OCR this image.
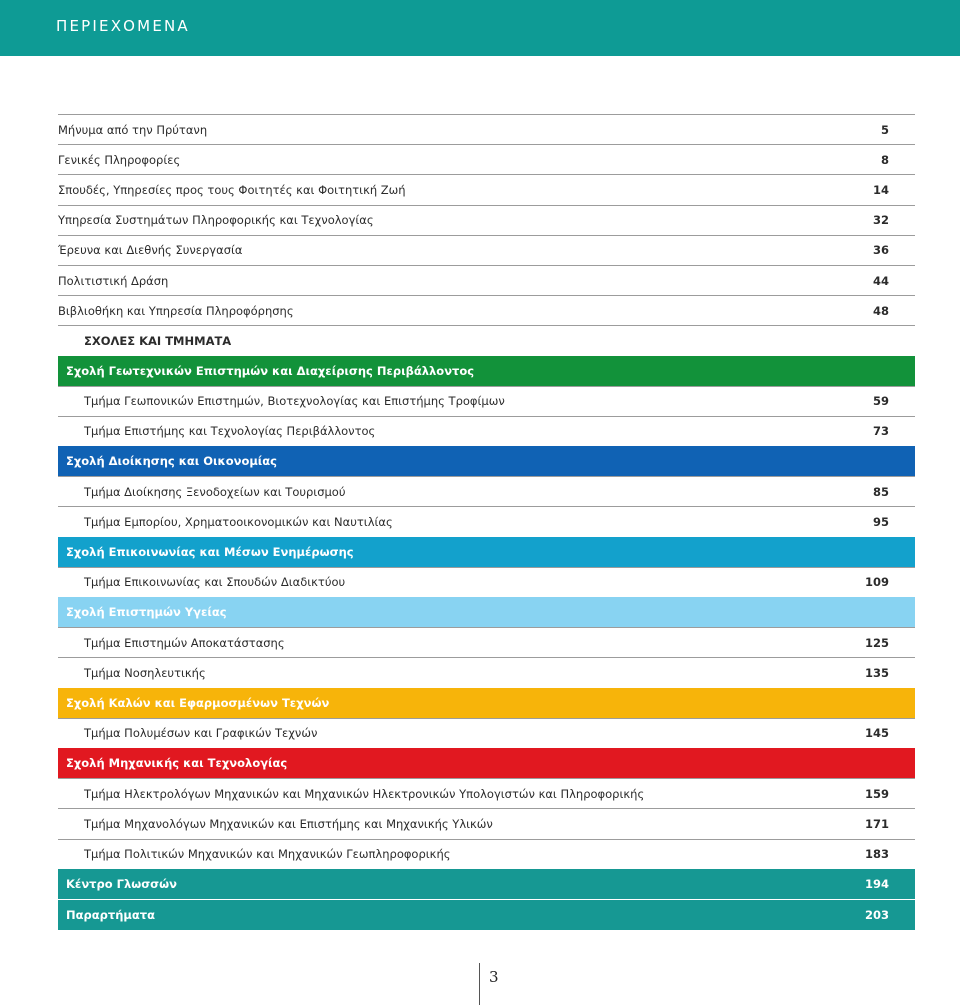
ΠΕΡΙΕΧΟΜΕΝΑ
Μήνυμα από την Πρύτανη	5
Γενικές Πληροφορίες	8
Σπουδές, Υπηρεσίες προς τους Φοιτητές και Φοιτητική Ζωή	14
Υπηρεσία Συστημάτων Πληροφορικής και Τεχνολογίας	32
Έρευνα και Διεθνής Συνεργασία	36
Πολιτιστική Δράση	44
Βιβλιοθήκη και Υπηρεσία Πληροφόρησης	48
ΣΧΟΛΕΣ ΚΑΙ ΤΜΗΜΑΤΑ
Σχολή Γεωτεχνικών Επιστημών και Διαχείρισης Περιβάλλοντος
Τμήμα Γεωπονικών Επιστημών, Βιοτεχνολογίας και Επιστήμης Τροφίμων	59
Τμήμα Επιστήμης και Τεχνολογίας Περιβάλλοντος	73
Σχολή Διοίκησης και Οικονομίας
Τμήμα Διοίκησης Ξενοδοχείων και Τουρισμού	85
Τμήμα Εμπορίου, Χρηματοοικονομικών και Ναυτιλίας	95
Σχολή Επικοινωνίας και Μέσων Ενημέρωσης
Τμήμα Επικοινωνίας και Σπουδών Διαδικτύου	109
Σχολή Επιστημών Υγείας
Τμήμα Επιστημών Αποκατάστασης	125
Τμήμα Νοσηλευτικής	135
Σχολή Καλών και Εφαρμοσμένων Τεχνών
Τμήμα Πολυμέσων και Γραφικών Τεχνών	145
Σχολή Μηχανικής και Τεχνολογίας
Τμήμα Ηλεκτρολόγων Μηχανικών και Μηχανικών Ηλεκτρονικών Υπολογιστών και Πληροφορικής	159
Τμήμα Μηχανολόγων Μηχανικών και Επιστήμης και Μηχανικής Υλικών	171
Τμήμα Πολιτικών Μηχανικών και Μηχανικών Γεωπληροφορικής	183
Κέντρο Γλωσσών	194
Παραρτήματα	203
3
